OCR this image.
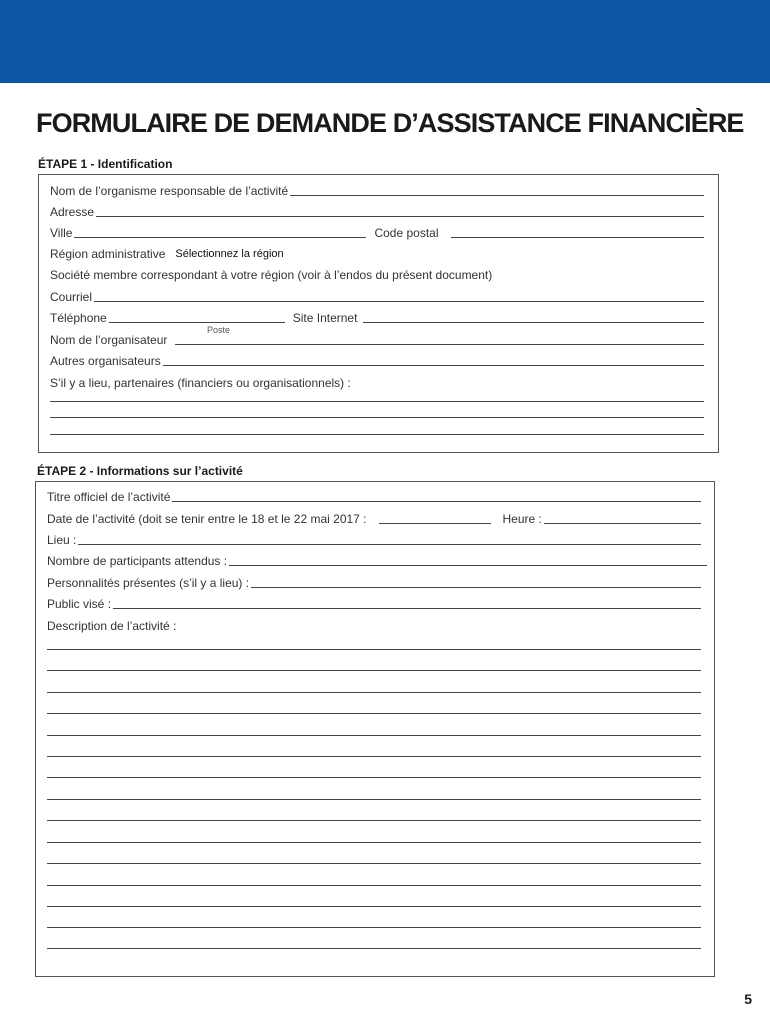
FORMULAIRE DE DEMANDE D’ASSISTANCE FINANCIÈRE
ÉTAPE 1 - Identification
Nom de l’organisme responsable de l’activité
Adresse
Ville	Code postal
Région administrative Sélectionnez la région
Société membre correspondant à votre région (voir à l’endos du présent document)
Courriel
Téléphone	Site Internet
Poste
Nom de l’organisateur
Autres organisateurs
S’il y a lieu, partenaires (financiers ou organisationnels) :
ÉTAPE 2 - Informations sur l’activité
Titre officiel de l’activité
Date de l’activité (doit se tenir entre le 18 et le 22 mai 2017 :	Heure :
Lieu :
Nombre de participants attendus :
Personnalités présentes (s’il y a lieu) :
Public visé :
Description de l’activité :
5
